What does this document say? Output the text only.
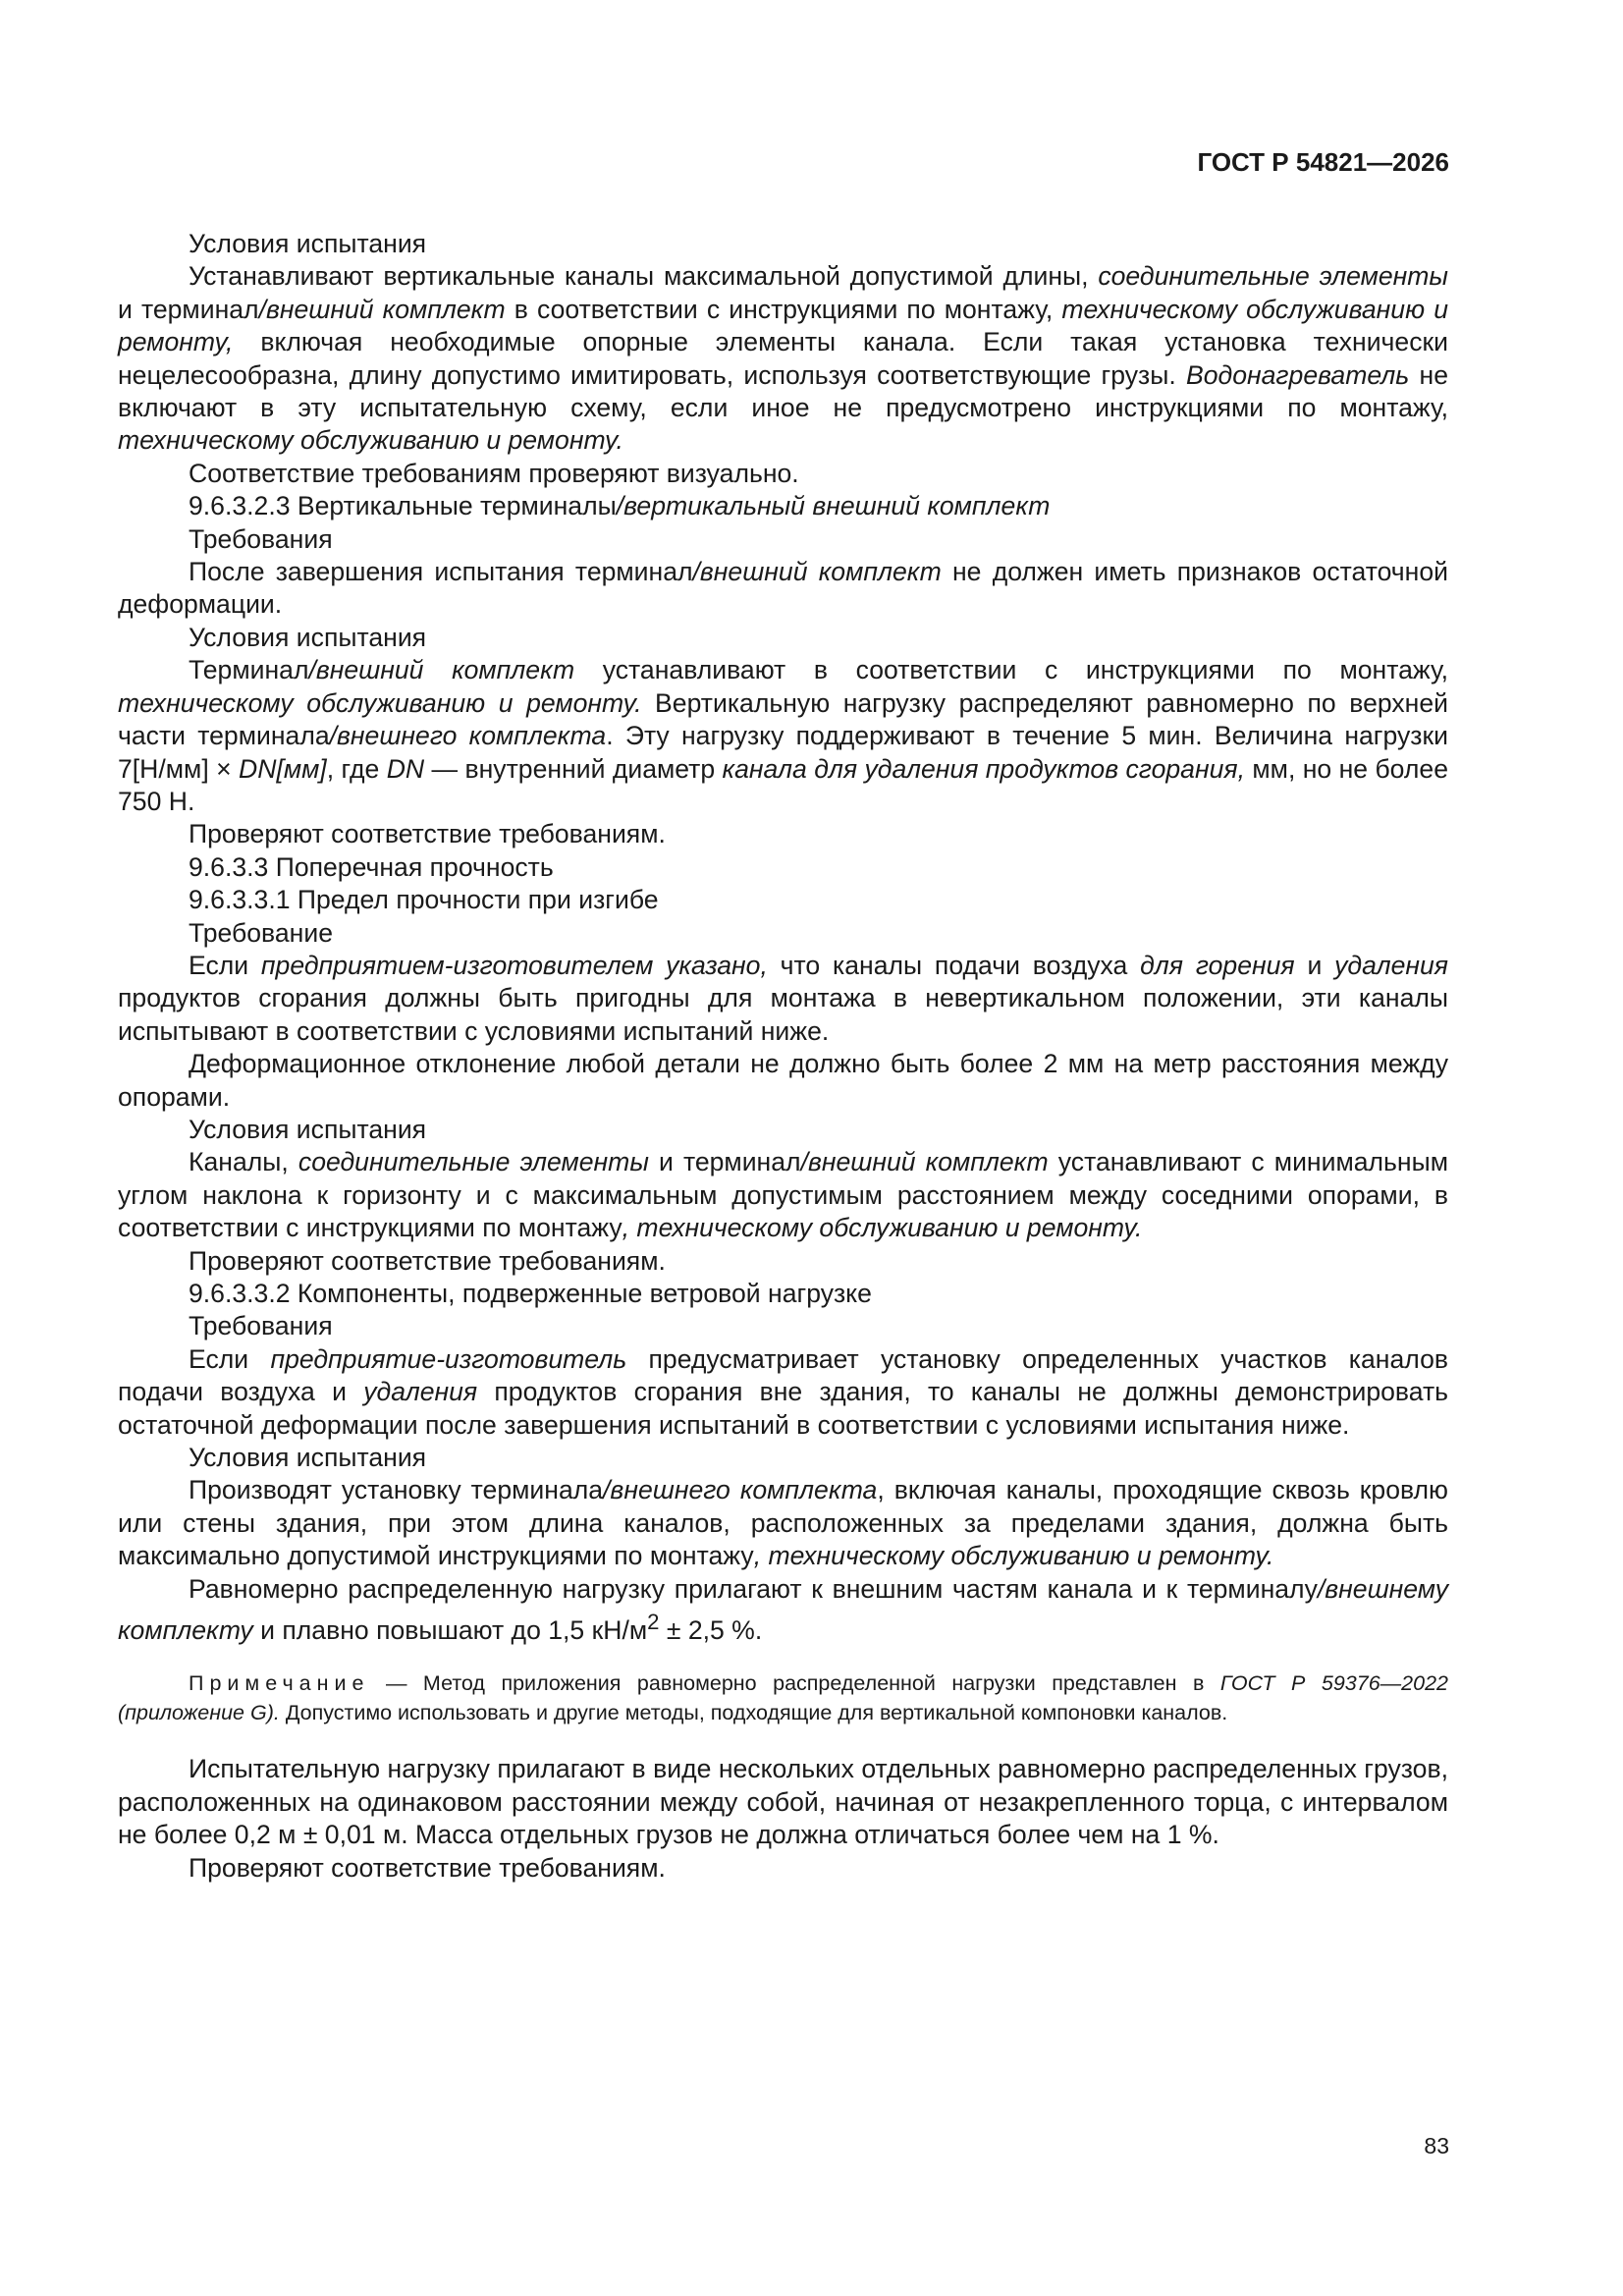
ГОСТ Р 54821—2026

Условия испытания

Устанавливают вертикальные каналы максимальной допустимой длины, соединительные элементы и терминал/внешний комплект в соответствии с инструкциями по монтажу, техническому обслуживанию и ремонту, включая необходимые опорные элементы канала. Если такая установка технически нецелесообразна, длину допустимо имитировать, используя соответствующие грузы. Водонагреватель не включают в эту испытательную схему, если иное не предусмотрено инструкциями по монтажу, техническому обслуживанию и ремонту.

Соответствие требованиям проверяют визуально.

9.6.3.2.3 Вертикальные терминалы/вертикальный внешний комплект

Требования

После завершения испытания терминал/внешний комплект не должен иметь признаков остаточной деформации.

Условия испытания

Терминал/внешний комплект устанавливают в соответствии с инструкциями по монтажу, техническому обслуживанию и ремонту. Вертикальную нагрузку распределяют равномерно по верхней части терминала/внешнего комплекта. Эту нагрузку поддерживают в течение 5 мин. Величина нагрузки 7[Н/мм] × DN[мм], где DN — внутренний диаметр канала для удаления продуктов сгорания, мм, но не более 750 Н.

Проверяют соответствие требованиям.

9.6.3.3 Поперечная прочность

9.6.3.3.1 Предел прочности при изгибе

Требование

Если предприятием-изготовителем указано, что каналы подачи воздуха для горения и удаления продуктов сгорания должны быть пригодны для монтажа в невертикальном положении, эти каналы испытывают в соответствии с условиями испытаний ниже.

Деформационное отклонение любой детали не должно быть более 2 мм на метр расстояния между опорами.

Условия испытания

Каналы, соединительные элементы и терминал/внешний комплект устанавливают с минимальным углом наклона к горизонту и с максимальным допустимым расстоянием между соседними опорами, в соответствии с инструкциями по монтажу, техническому обслуживанию и ремонту.

Проверяют соответствие требованиям.

9.6.3.3.2 Компоненты, подверженные ветровой нагрузке

Требования

Если предприятие-изготовитель предусматривает установку определенных участков каналов подачи воздуха и удаления продуктов сгорания вне здания, то каналы не должны демонстрировать остаточной деформации после завершения испытаний в соответствии с условиями испытания ниже.

Условия испытания

Производят установку терминала/внешнего комплекта, включая каналы, проходящие сквозь кровлю или стены здания, при этом длина каналов, расположенных за пределами здания, должна быть максимально допустимой инструкциями по монтажу, техническому обслуживанию и ремонту.

Равномерно распределенную нагрузку прилагают к внешним частям канала и к терминалу/внешнему комплекту и плавно повышают до 1,5 $кН/м^2 \pm 2,5$ %.

Примечание — Метод приложения равномерно распределенной нагрузки представлен в ГОСТ Р 59376—2022 (приложение G). Допустимо использовать и другие методы, подходящие для вертикальной компоновки каналов.

Испытательную нагрузку прилагают в виде нескольких отдельных равномерно распределенных грузов, расположенных на одинаковом расстоянии между собой, начиная от незакрепленного торца, с интервалом не более 0,2 м ± 0,01 м. Масса отдельных грузов не должна отличаться более чем на 1 %.

Проверяют соответствие требованиям.

83
